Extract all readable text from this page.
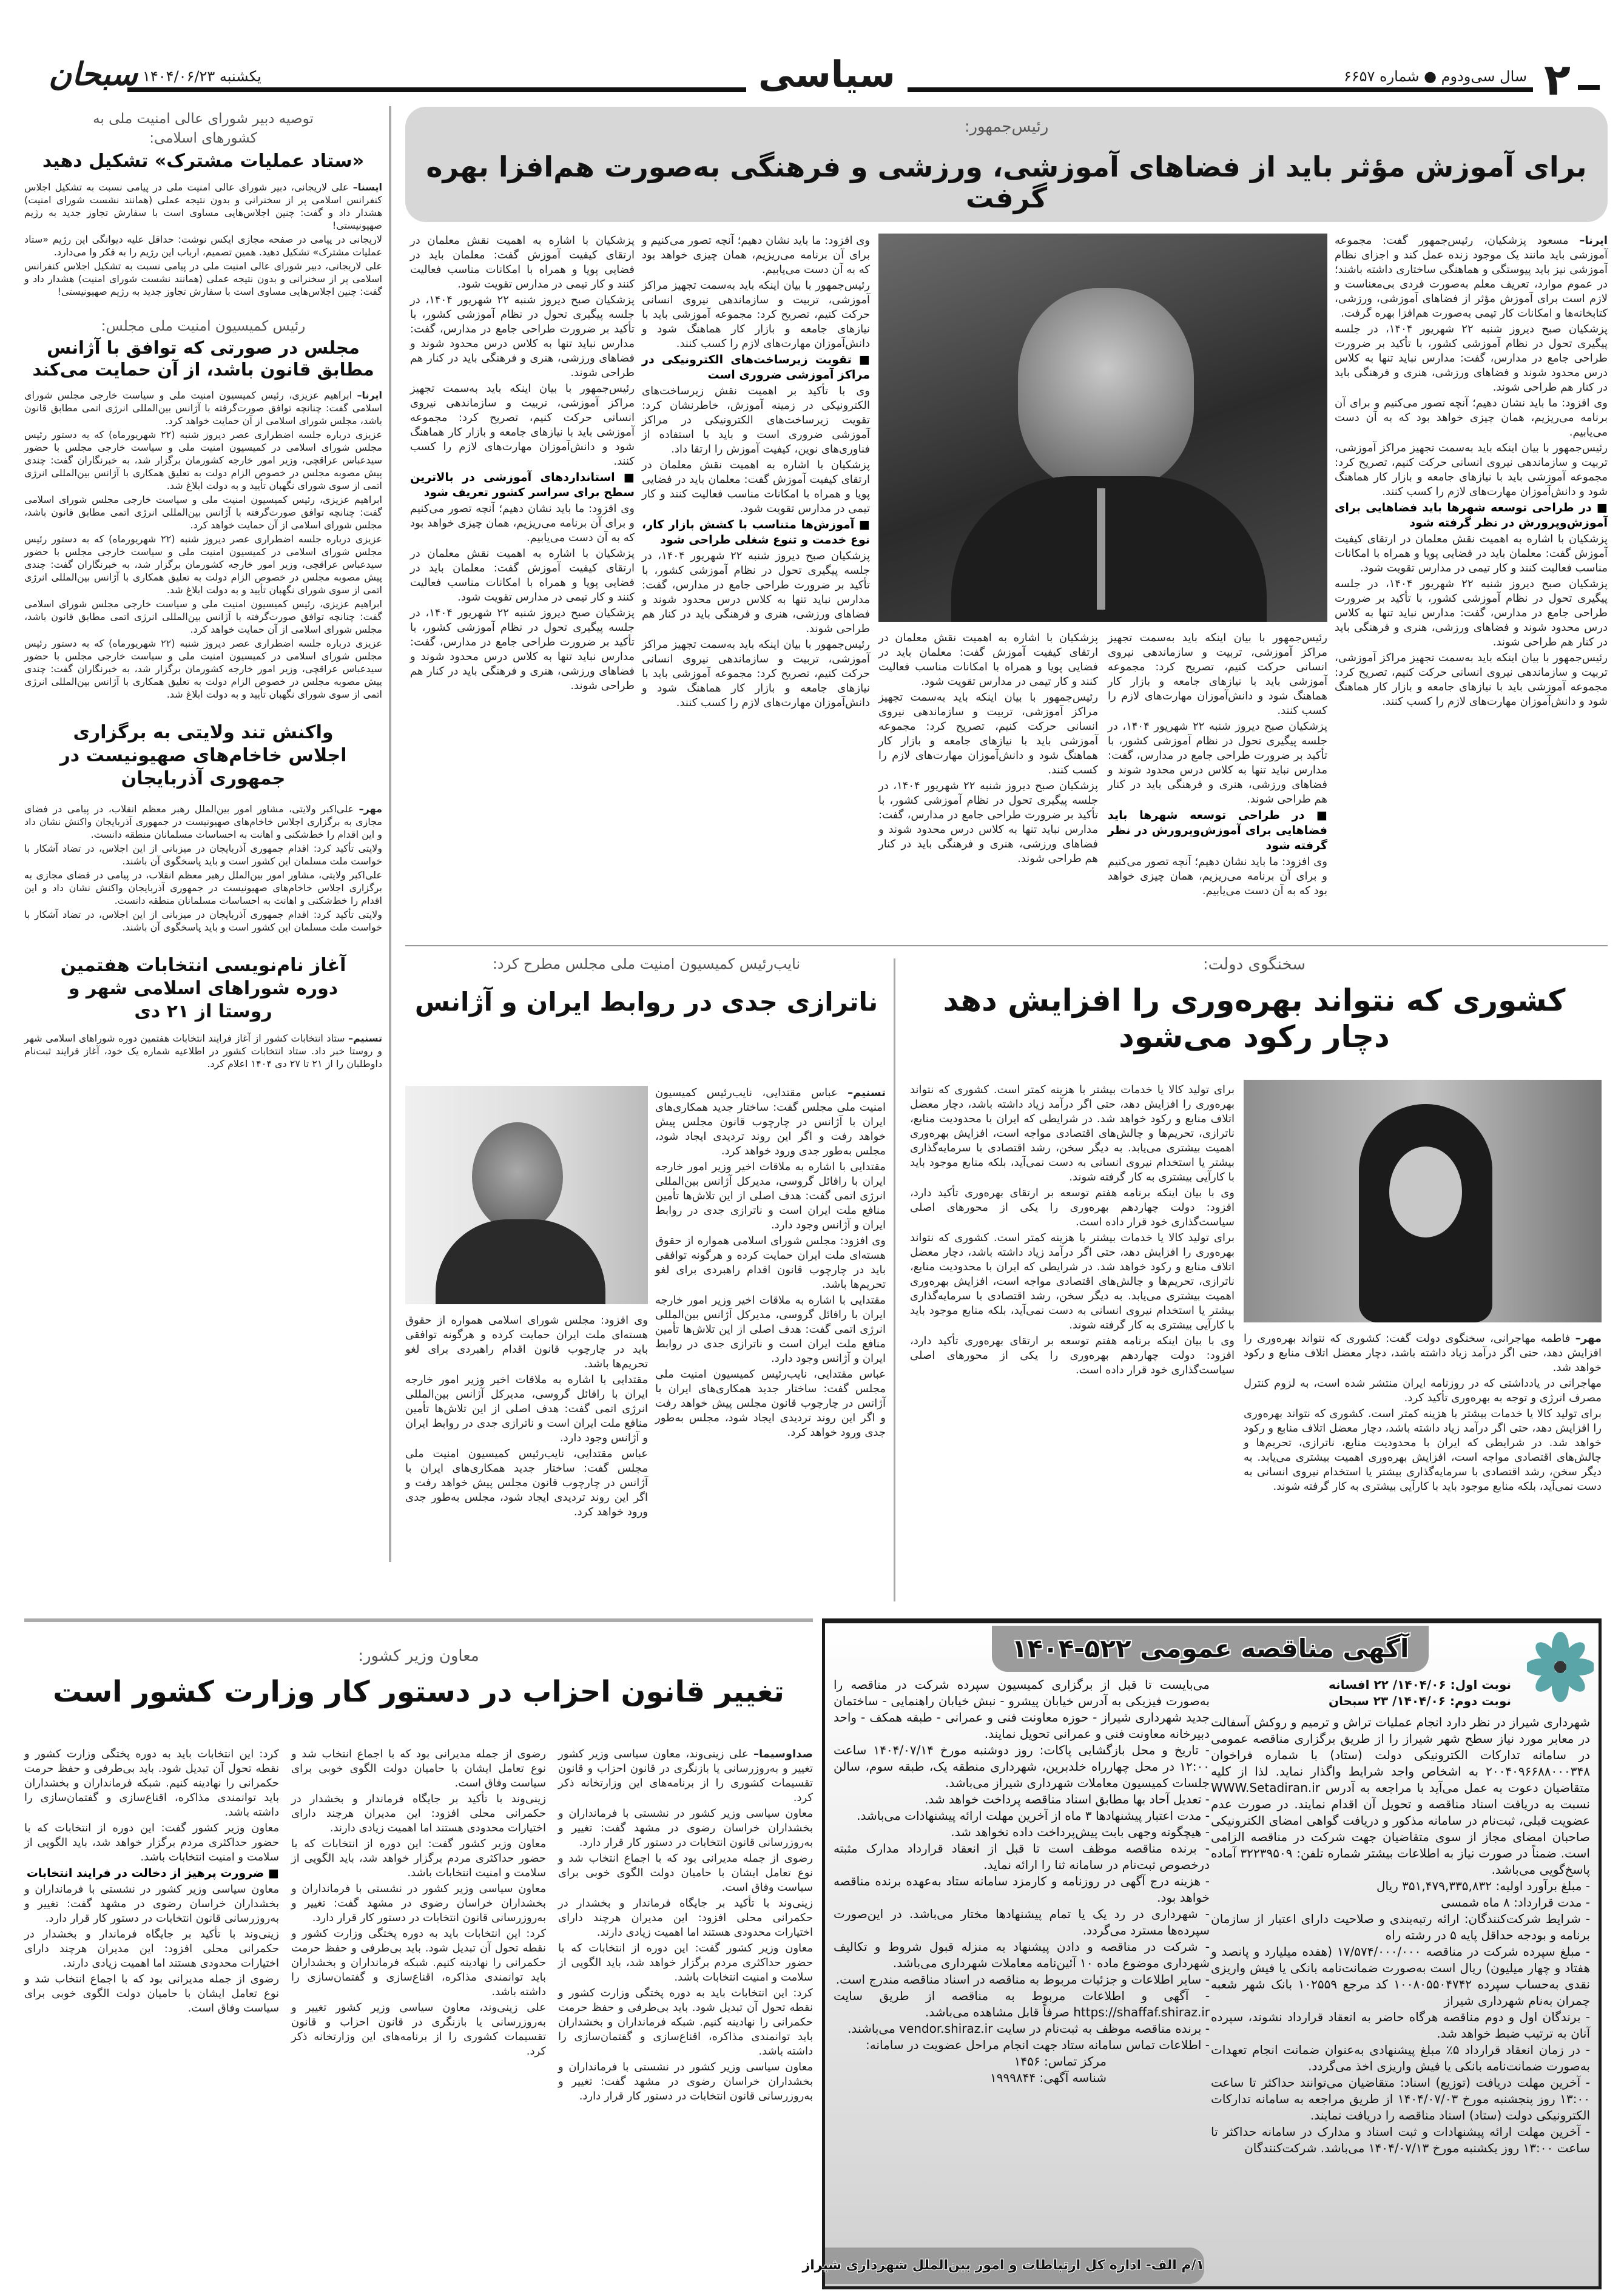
۲
سال سی‌ودوم ● شماره ۶۶۵۷
سیاسی
یکشنبه ۱۴۰۴/۰۶/۲۳
سبحان
توصیه دبیر شورای عالی امنیت ملی به کشورهای اسلامی:
«ستاد عملیات مشترک» تشکیل دهید

ایسنا– علی لاریجانی، دبیر شورای عالی امنیت ملی در پیامی نسبت به تشکیل اجلاس کنفرانس اسلامی پر از سخنرانی و بدون نتیجه عملی (همانند نشست شورای امنیت) هشدار داد و گفت: چنین اجلاس‌هایی مساوی است با سفارش تجاوز جدید به رژیم صهیونیستی!

لاریجانی در پیامی در صفحه مجازی ایکس نوشت: حداقل علیه دیوانگی این رژیم «ستاد عملیات مشترک» تشکیل دهید. همین تصمیم، ارباب این رژیم را به فکر وا می‌دارد.

علی لاریجانی، دبیر شورای عالی امنیت ملی در پیامی نسبت به تشکیل اجلاس کنفرانس اسلامی پر از سخنرانی و بدون نتیجه عملی (همانند نشست شورای امنیت) هشدار داد و گفت: چنین اجلاس‌هایی مساوی است با سفارش تجاوز جدید به رژیم صهیونیستی!

رئیس کمیسیون امنیت ملی مجلس:
مجلس در صورتی که توافق با آژانس مطابق قانون باشد، از آن حمایت می‌کند

ایرنا– ابراهیم عزیزی، رئیس کمیسیون امنیت ملی و سیاست خارجی مجلس شورای اسلامی گفت: چنانچه توافق صورت‌گرفته با آژانس بین‌المللی انرژی اتمی مطابق قانون باشد، مجلس شورای اسلامی از آن حمایت خواهد کرد.

عزیزی درباره جلسه اضطراری عصر دیروز شنبه (۲۲ شهریورماه) که به دستور رئیس مجلس شورای اسلامی در کمیسیون امنیت ملی و سیاست خارجی مجلس با حضور سیدعباس عراقچی، وزیر امور خارجه کشورمان برگزار شد، به خبرنگاران گفت: چندی پیش مصوبه مجلس در خصوص الزام دولت به تعلیق همکاری با آژانس بین‌المللی انرژی اتمی از سوی شورای نگهبان تأیید و به دولت ابلاغ شد.

ابراهیم عزیزی، رئیس کمیسیون امنیت ملی و سیاست خارجی مجلس شورای اسلامی گفت: چنانچه توافق صورت‌گرفته با آژانس بین‌المللی انرژی اتمی مطابق قانون باشد، مجلس شورای اسلامی از آن حمایت خواهد کرد.

عزیزی درباره جلسه اضطراری عصر دیروز شنبه (۲۲ شهریورماه) که به دستور رئیس مجلس شورای اسلامی در کمیسیون امنیت ملی و سیاست خارجی مجلس با حضور سیدعباس عراقچی، وزیر امور خارجه کشورمان برگزار شد، به خبرنگاران گفت: چندی پیش مصوبه مجلس در خصوص الزام دولت به تعلیق همکاری با آژانس بین‌المللی انرژی اتمی از سوی شورای نگهبان تأیید و به دولت ابلاغ شد.

ابراهیم عزیزی، رئیس کمیسیون امنیت ملی و سیاست خارجی مجلس شورای اسلامی گفت: چنانچه توافق صورت‌گرفته با آژانس بین‌المللی انرژی اتمی مطابق قانون باشد، مجلس شورای اسلامی از آن حمایت خواهد کرد.

عزیزی درباره جلسه اضطراری عصر دیروز شنبه (۲۲ شهریورماه) که به دستور رئیس مجلس شورای اسلامی در کمیسیون امنیت ملی و سیاست خارجی مجلس با حضور سیدعباس عراقچی، وزیر امور خارجه کشورمان برگزار شد، به خبرنگاران گفت: چندی پیش مصوبه مجلس در خصوص الزام دولت به تعلیق همکاری با آژانس بین‌المللی انرژی اتمی از سوی شورای نگهبان تأیید و به دولت ابلاغ شد.

واکنش تند ولایتی به برگزاری اجلاس خاخام‌های صهیونیست در جمهوری آذربایجان

مهر– علی‌اکبر ولایتی، مشاور امور بین‌الملل رهبر معظم انقلاب، در پیامی در فضای مجازی به برگزاری اجلاس خاخام‌های صهیونیست در جمهوری آذربایجان واکنش نشان داد و این اقدام را خط‌شکنی و اهانت به احساسات مسلمانان منطقه دانست.

ولایتی تأکید کرد: اقدام جمهوری آذربایجان در میزبانی از این اجلاس، در تضاد آشکار با خواست ملت مسلمان این کشور است و باید پاسخگوی آن باشند.

علی‌اکبر ولایتی، مشاور امور بین‌الملل رهبر معظم انقلاب، در پیامی در فضای مجازی به برگزاری اجلاس خاخام‌های صهیونیست در جمهوری آذربایجان واکنش نشان داد و این اقدام را خط‌شکنی و اهانت به احساسات مسلمانان منطقه دانست.

ولایتی تأکید کرد: اقدام جمهوری آذربایجان در میزبانی از این اجلاس، در تضاد آشکار با خواست ملت مسلمان این کشور است و باید پاسخگوی آن باشند.

آغاز نام‌نویسی انتخابات هفتمین دوره شوراهای اسلامی شهر و روستا از ۲۱ دی

تسنیم– ستاد انتخابات کشور از آغاز فرایند انتخابات هفتمین دوره شوراهای اسلامی شهر و روستا خبر داد. ستاد انتخابات کشور در اطلاعیه شماره یک خود، آغاز فرایند ثبت‌نام داوطلبان را از ۲۱ تا ۲۷ دی ۱۴۰۴ اعلام کرد.

رئیس‌جمهور:
برای آموزش مؤثر باید از فضاهای آموزشی، ورزشی و فرهنگی به‌صورت هم‌افزا بهره گرفت

ایرنا– مسعود پزشکیان، رئیس‌جمهور گفت: مجموعه آموزشی باید مانند یک موجود زنده عمل کند و اجزای نظام آموزشی نیز باید پیوستگی و هماهنگی ساختاری داشته باشند؛ در عموم موارد، تعریف معلم به‌صورت فردی بی‌معناست و لازم است برای آموزش مؤثر از فضاهای آموزشی، ورزشی، کتابخانه‌ها و امکانات کار تیمی به‌صورت هم‌افزا بهره گرفت.

پزشکیان صبح دیروز شنبه ۲۲ شهریور ۱۴۰۴، در جلسه پیگیری تحول در نظام آموزشی کشور، با تأکید بر ضرورت طراحی جامع در مدارس، گفت: مدارس نباید تنها به کلاس درس محدود شوند و فضاهای ورزشی، هنری و فرهنگی باید در کنار هم طراحی شوند.

وی افزود: ما باید نشان دهیم؛ آنچه تصور می‌کنیم و برای آن برنامه می‌ریزیم، همان چیزی خواهد بود که به آن دست می‌یابیم.

رئیس‌جمهور با بیان اینکه باید به‌سمت تجهیز مراکز آموزشی، تربیت و سازماندهی نیروی انسانی حرکت کنیم، تصریح کرد: مجموعه آموزشی باید با نیازهای جامعه و بازار کار هماهنگ شود و دانش‌آموزان مهارت‌های لازم را کسب کنند.

■ در طراحی توسعه شهرها باید فضاهایی برای آموزش‌وپرورش در نظر گرفته شود

پزشکیان با اشاره به اهمیت نقش معلمان در ارتقای کیفیت آموزش گفت: معلمان باید در فضایی پویا و همراه با امکانات مناسب فعالیت کنند و کار تیمی در مدارس تقویت شود.

پزشکیان صبح دیروز شنبه ۲۲ شهریور ۱۴۰۴، در جلسه پیگیری تحول در نظام آموزشی کشور، با تأکید بر ضرورت طراحی جامع در مدارس، گفت: مدارس نباید تنها به کلاس درس محدود شوند و فضاهای ورزشی، هنری و فرهنگی باید در کنار هم طراحی شوند.

رئیس‌جمهور با بیان اینکه باید به‌سمت تجهیز مراکز آموزشی، تربیت و سازماندهی نیروی انسانی حرکت کنیم، تصریح کرد: مجموعه آموزشی باید با نیازهای جامعه و بازار کار هماهنگ شود و دانش‌آموزان مهارت‌های لازم را کسب کنند.

رئیس‌جمهور با بیان اینکه باید به‌سمت تجهیز مراکز آموزشی، تربیت و سازماندهی نیروی انسانی حرکت کنیم، تصریح کرد: مجموعه آموزشی باید با نیازهای جامعه و بازار کار هماهنگ شود و دانش‌آموزان مهارت‌های لازم را کسب کنند.

پزشکیان صبح دیروز شنبه ۲۲ شهریور ۱۴۰۴، در جلسه پیگیری تحول در نظام آموزشی کشور، با تأکید بر ضرورت طراحی جامع در مدارس، گفت: مدارس نباید تنها به کلاس درس محدود شوند و فضاهای ورزشی، هنری و فرهنگی باید در کنار هم طراحی شوند.

■ در طراحی توسعه شهرها باید فضاهایی برای آموزش‌وپرورش در نظر گرفته شود

وی افزود: ما باید نشان دهیم؛ آنچه تصور می‌کنیم و برای آن برنامه می‌ریزیم، همان چیزی خواهد بود که به آن دست می‌یابیم.

پزشکیان با اشاره به اهمیت نقش معلمان در ارتقای کیفیت آموزش گفت: معلمان باید در فضایی پویا و همراه با امکانات مناسب فعالیت کنند و کار تیمی در مدارس تقویت شود.

رئیس‌جمهور با بیان اینکه باید به‌سمت تجهیز مراکز آموزشی، تربیت و سازماندهی نیروی انسانی حرکت کنیم، تصریح کرد: مجموعه آموزشی باید با نیازهای جامعه و بازار کار هماهنگ شود و دانش‌آموزان مهارت‌های لازم را کسب کنند.

پزشکیان صبح دیروز شنبه ۲۲ شهریور ۱۴۰۴، در جلسه پیگیری تحول در نظام آموزشی کشور، با تأکید بر ضرورت طراحی جامع در مدارس، گفت: مدارس نباید تنها به کلاس درس محدود شوند و فضاهای ورزشی، هنری و فرهنگی باید در کنار هم طراحی شوند.

وی افزود: ما باید نشان دهیم؛ آنچه تصور می‌کنیم و برای آن برنامه می‌ریزیم، همان چیزی خواهد بود که به آن دست می‌یابیم.

رئیس‌جمهور با بیان اینکه باید به‌سمت تجهیز مراکز آموزشی، تربیت و سازماندهی نیروی انسانی حرکت کنیم، تصریح کرد: مجموعه آموزشی باید با نیازهای جامعه و بازار کار هماهنگ شود و دانش‌آموزان مهارت‌های لازم را کسب کنند.

■ تقویت زیرساخت‌های الکترونیکی در مراکز آموزشی ضروری است

وی با تأکید بر اهمیت نقش زیرساخت‌های الکترونیکی در زمینه آموزش، خاطرنشان کرد: تقویت زیرساخت‌های الکترونیکی در مراکز آموزشی ضروری است و باید با استفاده از فناوری‌های نوین، کیفیت آموزش را ارتقا داد.

پزشکیان با اشاره به اهمیت نقش معلمان در ارتقای کیفیت آموزش گفت: معلمان باید در فضایی پویا و همراه با امکانات مناسب فعالیت کنند و کار تیمی در مدارس تقویت شود.

■ آموزش‌ها متناسب با کشش بازار کار، نوع خدمت و تنوع شغلی طراحی شود

پزشکیان صبح دیروز شنبه ۲۲ شهریور ۱۴۰۴، در جلسه پیگیری تحول در نظام آموزشی کشور، با تأکید بر ضرورت طراحی جامع در مدارس، گفت: مدارس نباید تنها به کلاس درس محدود شوند و فضاهای ورزشی، هنری و فرهنگی باید در کنار هم طراحی شوند.

رئیس‌جمهور با بیان اینکه باید به‌سمت تجهیز مراکز آموزشی، تربیت و سازماندهی نیروی انسانی حرکت کنیم، تصریح کرد: مجموعه آموزشی باید با نیازهای جامعه و بازار کار هماهنگ شود و دانش‌آموزان مهارت‌های لازم را کسب کنند.

پزشکیان با اشاره به اهمیت نقش معلمان در ارتقای کیفیت آموزش گفت: معلمان باید در فضایی پویا و همراه با امکانات مناسب فعالیت کنند و کار تیمی در مدارس تقویت شود.

پزشکیان صبح دیروز شنبه ۲۲ شهریور ۱۴۰۴، در جلسه پیگیری تحول در نظام آموزشی کشور، با تأکید بر ضرورت طراحی جامع در مدارس، گفت: مدارس نباید تنها به کلاس درس محدود شوند و فضاهای ورزشی، هنری و فرهنگی باید در کنار هم طراحی شوند.

رئیس‌جمهور با بیان اینکه باید به‌سمت تجهیز مراکز آموزشی، تربیت و سازماندهی نیروی انسانی حرکت کنیم، تصریح کرد: مجموعه آموزشی باید با نیازهای جامعه و بازار کار هماهنگ شود و دانش‌آموزان مهارت‌های لازم را کسب کنند.

■ استانداردهای آموزشی در بالاترین سطح برای سراسر کشور تعریف شود

وی افزود: ما باید نشان دهیم؛ آنچه تصور می‌کنیم و برای آن برنامه می‌ریزیم، همان چیزی خواهد بود که به آن دست می‌یابیم.

پزشکیان با اشاره به اهمیت نقش معلمان در ارتقای کیفیت آموزش گفت: معلمان باید در فضایی پویا و همراه با امکانات مناسب فعالیت کنند و کار تیمی در مدارس تقویت شود.

پزشکیان صبح دیروز شنبه ۲۲ شهریور ۱۴۰۴، در جلسه پیگیری تحول در نظام آموزشی کشور، با تأکید بر ضرورت طراحی جامع در مدارس، گفت: مدارس نباید تنها به کلاس درس محدود شوند و فضاهای ورزشی، هنری و فرهنگی باید در کنار هم طراحی شوند.

سخنگوی دولت:
کشوری که نتواند بهره‌وری را افزایش دهد
دچار رکود می‌شود

برای تولید کالا یا خدمات بیشتر با هزینه کمتر است. کشوری که نتواند بهره‌وری را افزایش دهد، حتی اگر درآمد زیاد داشته باشد، دچار معضل اتلاف منابع و رکود خواهد شد. در شرایطی که ایران با محدودیت منابع، ناترازی، تحریم‌ها و چالش‌های اقتصادی مواجه است، افزایش بهره‌وری اهمیت بیشتری می‌یابد. به دیگر سخن، رشد اقتصادی با سرمایه‌گذاری بیشتر یا استخدام نیروی انسانی به دست نمی‌آید، بلکه منابع موجود باید با کارآیی بیشتری به کار گرفته شوند.

وی با بیان اینکه برنامه هفتم توسعه بر ارتقای بهره‌وری تأکید دارد، افزود: دولت چهاردهم بهره‌وری را یکی از محورهای اصلی سیاست‌گذاری خود قرار داده است.

برای تولید کالا یا خدمات بیشتر با هزینه کمتر است. کشوری که نتواند بهره‌وری را افزایش دهد، حتی اگر درآمد زیاد داشته باشد، دچار معضل اتلاف منابع و رکود خواهد شد. در شرایطی که ایران با محدودیت منابع، ناترازی، تحریم‌ها و چالش‌های اقتصادی مواجه است، افزایش بهره‌وری اهمیت بیشتری می‌یابد. به دیگر سخن، رشد اقتصادی با سرمایه‌گذاری بیشتر یا استخدام نیروی انسانی به دست نمی‌آید، بلکه منابع موجود باید با کارآیی بیشتری به کار گرفته شوند.

وی با بیان اینکه برنامه هفتم توسعه بر ارتقای بهره‌وری تأکید دارد، افزود: دولت چهاردهم بهره‌وری را یکی از محورهای اصلی سیاست‌گذاری خود قرار داده است.

مهر– فاطمه مهاجرانی، سخنگوی دولت گفت: کشوری که نتواند بهره‌وری را افزایش دهد، حتی اگر درآمد زیاد داشته باشد، دچار معضل اتلاف منابع و رکود خواهد شد.

مهاجرانی در یادداشتی که در روزنامه ایران منتشر شده است، به لزوم کنترل مصرف انرژی و توجه به بهره‌وری تأکید کرد.

برای تولید کالا یا خدمات بیشتر با هزینه کمتر است. کشوری که نتواند بهره‌وری را افزایش دهد، حتی اگر درآمد زیاد داشته باشد، دچار معضل اتلاف منابع و رکود خواهد شد. در شرایطی که ایران با محدودیت منابع، ناترازی، تحریم‌ها و چالش‌های اقتصادی مواجه است، افزایش بهره‌وری اهمیت بیشتری می‌یابد. به دیگر سخن، رشد اقتصادی با سرمایه‌گذاری بیشتر یا استخدام نیروی انسانی به دست نمی‌آید، بلکه منابع موجود باید با کارآیی بیشتری به کار گرفته شوند.

نایب‌رئیس کمیسیون امنیت ملی مجلس مطرح کرد:
ناترازی جدی در روابط ایران و آژانس

تسنیم– عباس مقتدایی، نایب‌رئیس کمیسیون امنیت ملی مجلس گفت: ساختار جدید همکاری‌های ایران با آژانس در چارچوب قانون مجلس پیش خواهد رفت و اگر این روند تردیدی ایجاد شود، مجلس به‌طور جدی ورود خواهد کرد.

مقتدایی با اشاره به ملاقات اخیر وزیر امور خارجه ایران با رافائل گروسی، مدیرکل آژانس بین‌المللی انرژی اتمی گفت: هدف اصلی از این تلاش‌ها تأمین منافع ملت ایران است و ناترازی جدی در روابط ایران و آژانس وجود دارد.

وی افزود: مجلس شورای اسلامی همواره از حقوق هسته‌ای ملت ایران حمایت کرده و هرگونه توافقی باید در چارچوب قانون اقدام راهبردی برای لغو تحریم‌ها باشد.

مقتدایی با اشاره به ملاقات اخیر وزیر امور خارجه ایران با رافائل گروسی، مدیرکل آژانس بین‌المللی انرژی اتمی گفت: هدف اصلی از این تلاش‌ها تأمین منافع ملت ایران است و ناترازی جدی در روابط ایران و آژانس وجود دارد.

عباس مقتدایی، نایب‌رئیس کمیسیون امنیت ملی مجلس گفت: ساختار جدید همکاری‌های ایران با آژانس در چارچوب قانون مجلس پیش خواهد رفت و اگر این روند تردیدی ایجاد شود، مجلس به‌طور جدی ورود خواهد کرد.

وی افزود: مجلس شورای اسلامی همواره از حقوق هسته‌ای ملت ایران حمایت کرده و هرگونه توافقی باید در چارچوب قانون اقدام راهبردی برای لغو تحریم‌ها باشد.

مقتدایی با اشاره به ملاقات اخیر وزیر امور خارجه ایران با رافائل گروسی، مدیرکل آژانس بین‌المللی انرژی اتمی گفت: هدف اصلی از این تلاش‌ها تأمین منافع ملت ایران است و ناترازی جدی در روابط ایران و آژانس وجود دارد.

عباس مقتدایی، نایب‌رئیس کمیسیون امنیت ملی مجلس گفت: ساختار جدید همکاری‌های ایران با آژانس در چارچوب قانون مجلس پیش خواهد رفت و اگر این روند تردیدی ایجاد شود، مجلس به‌طور جدی ورود خواهد کرد.

معاون وزیر کشور:
تغییر قانون احزاب در دستور کار وزارت کشور است

صداوسیما– علی زینی‌وند، معاون سیاسی وزیر کشور تغییر و به‌روزرسانی یا بازنگری در قانون احزاب و قانون تقسیمات کشوری را از برنامه‌های این وزارتخانه ذکر کرد.

معاون سیاسی وزیر کشور در نشستی با فرمانداران و بخشداران خراسان رضوی در مشهد گفت: تغییر و به‌روزرسانی قانون انتخابات در دستور کار قرار دارد.

رضوی از جمله مدیرانی بود که با اجماع انتخاب شد و نوع تعامل ایشان با حامیان دولت الگوی خوبی برای سیاست وفاق است.

زینی‌وند با تأکید بر جایگاه فرماندار و بخشدار در حکمرانی محلی افزود: این مدیران هرچند دارای اختیارات محدودی هستند اما اهمیت زیادی دارند.

معاون وزیر کشور گفت: این دوره از انتخابات که با حضور حداکثری مردم برگزار خواهد شد، باید الگویی از سلامت و امنیت انتخابات باشد.

کرد: این انتخابات باید به دوره پختگی وزارت کشور و نقطه تحول آن تبدیل شود. باید بی‌طرفی و حفظ حرمت حکمرانی را نهادینه کنیم. شبکه فرمانداران و بخشداران باید توانمندی مذاکره، اقناع‌سازی و گفتمان‌سازی را داشته باشد.

معاون سیاسی وزیر کشور در نشستی با فرمانداران و بخشداران خراسان رضوی در مشهد گفت: تغییر و به‌روزرسانی قانون انتخابات در دستور کار قرار دارد.

رضوی از جمله مدیرانی بود که با اجماع انتخاب شد و نوع تعامل ایشان با حامیان دولت الگوی خوبی برای سیاست وفاق است.

زینی‌وند با تأکید بر جایگاه فرماندار و بخشدار در حکمرانی محلی افزود: این مدیران هرچند دارای اختیارات محدودی هستند اما اهمیت زیادی دارند.

معاون وزیر کشور گفت: این دوره از انتخابات که با حضور حداکثری مردم برگزار خواهد شد، باید الگویی از سلامت و امنیت انتخابات باشد.

معاون سیاسی وزیر کشور در نشستی با فرمانداران و بخشداران خراسان رضوی در مشهد گفت: تغییر و به‌روزرسانی قانون انتخابات در دستور کار قرار دارد.

کرد: این انتخابات باید به دوره پختگی وزارت کشور و نقطه تحول آن تبدیل شود. باید بی‌طرفی و حفظ حرمت حکمرانی را نهادینه کنیم. شبکه فرمانداران و بخشداران باید توانمندی مذاکره، اقناع‌سازی و گفتمان‌سازی را داشته باشد.

علی زینی‌وند، معاون سیاسی وزیر کشور تغییر و به‌روزرسانی یا بازنگری در قانون احزاب و قانون تقسیمات کشوری را از برنامه‌های این وزارتخانه ذکر کرد.

کرد: این انتخابات باید به دوره پختگی وزارت کشور و نقطه تحول آن تبدیل شود. باید بی‌طرفی و حفظ حرمت حکمرانی را نهادینه کنیم. شبکه فرمانداران و بخشداران باید توانمندی مذاکره، اقناع‌سازی و گفتمان‌سازی را داشته باشد.

معاون وزیر کشور گفت: این دوره از انتخابات که با حضور حداکثری مردم برگزار خواهد شد، باید الگویی از سلامت و امنیت انتخابات باشد.

■ ضرورت پرهیز از دخالت در فرایند انتخابات

معاون سیاسی وزیر کشور در نشستی با فرمانداران و بخشداران خراسان رضوی در مشهد گفت: تغییر و به‌روزرسانی قانون انتخابات در دستور کار قرار دارد.

زینی‌وند با تأکید بر جایگاه فرماندار و بخشدار در حکمرانی محلی افزود: این مدیران هرچند دارای اختیارات محدودی هستند اما اهمیت زیادی دارند.

رضوی از جمله مدیرانی بود که با اجماع انتخاب شد و نوع تعامل ایشان با حامیان دولت الگوی خوبی برای سیاست وفاق است.

آگهی مناقصه عمومی ۵۲۲-۱۴۰۴

نوبت اول: ۱۴۰۴/۰۶/ ۲۲ افسانه

نوبت دوم: ۱۴۰۴/۰۶/ ۲۳ سبحان

شهرداری شیراز در نظر دارد انجام عملیات تراش و ترمیم و روکش آسفالت در معابر مورد نیاز سطح شهر شیراز را از طریق برگزاری مناقصه عمومی در سامانه تدارکات الکترونیکی دولت (ستاد) با شماره فراخوان ۲۰۰۴۰۹۶۶۸۸۰۰۰۳۴۸ به اشخاص واجد شرایط واگذار نماید. لذا از کلیه متقاضیان دعوت به عمل می‌آید با مراجعه به آدرس WWW.Setadiran.ir نسبت به دریافت اسناد مناقصه و تحویل آن اقدام نمایند. در صورت عدم عضویت قبلی، ثبت‌نام در سامانه مذکور و دریافت گواهی امضای الکترونیکی صاحبان امضای مجاز از سوی متقاضیان جهت شرکت در مناقصه الزامی است. ضمناً در صورت نیاز به اطلاعات بیشتر شماره تلفن: ۳۲۲۳۹۵۰۹ آماده پاسخ‌گویی می‌باشد.

- مبلغ برآورد اولیه: ۳۵۱,۴۷۹,۳۳۵,۸۳۲ ریال

- مدت قرارداد: ۸ ماه شمسی

- شرایط شرکت‌کنندگان: ارائه رتبه‌بندی و صلاحیت دارای اعتبار از سازمان برنامه و بودجه حداقل پایه ۵ در رشته راه

- مبلغ سپرده شرکت در مناقصه ۱۷/۵۷۴/۰۰۰/۰۰۰ (هفده میلیارد و پانصد و هفتاد و چهار میلیون) ریال است به‌صورت ضمانت‌نامه بانکی یا فیش واریزی نقدی به‌حساب سپرده ۱۰۰۸۰۵۵۰۴۷۴۲ کد مرجع ۱۰۲۵۵۹ بانک شهر شعبه چمران به‌نام شهرداری شیراز

- برندگان اول و دوم مناقصه هرگاه حاضر به انعقاد قرارداد نشوند، سپرده آنان به ترتیب ضبط خواهد شد.

- در زمان انعقاد قرارداد ۵٪ مبلغ پیشنهادی به‌عنوان ضمانت انجام تعهدات به‌صورت ضمانت‌نامه بانکی یا فیش واریزی اخذ می‌گردد.

- آخرین مهلت دریافت (توزیع) اسناد: متقاضیان می‌توانند حداکثر تا ساعت ۱۳:۰۰ روز پنجشنبه مورخ ۱۴۰۴/۰۷/۰۳ از طریق مراجعه به سامانه تدارکات الکترونیکی دولت (ستاد) اسناد مناقصه را دریافت نمایند.

- آخرین مهلت ارائه پیشنهادات و ثبت اسناد و مدارک در سامانه حداکثر تا ساعت ۱۳:۰۰ روز یکشنبه مورخ ۱۴۰۴/۰۷/۱۳ می‌باشد. شرکت‌کنندگان

می‌بایست تا قبل از برگزاری کمیسیون سپرده شرکت در مناقصه را به‌صورت فیزیکی به آدرس خیابان پیشرو - نبش خیابان راهنمایی - ساختمان جدید شهرداری شیراز - حوزه معاونت فنی و عمرانی - طبقه همکف - واحد دبیرخانه معاونت فنی و عمرانی تحویل نمایند.

- تاریخ و محل بازگشایی پاکات: روز دوشنبه مورخ ۱۴۰۴/۰۷/۱۴ ساعت ۱۲:۰۰ در محل چهارراه خلدبرین، شهرداری منطقه یک، طبقه سوم، سالن جلسات کمیسیون معاملات شهرداری شیراز می‌باشد.

- تعدیل آحاد بها مطابق اسناد مناقصه پرداخت خواهد شد.

- مدت اعتبار پیشنهادها ۳ ماه از آخرین مهلت ارائه پیشنهادات می‌باشد.

- هیچگونه وجهی بابت پیش‌پرداخت داده نخواهد شد.

- برنده مناقصه موظف است تا قبل از انعقاد قرارداد مدارک مثبته درخصوص ثبت‌نام در سامانه ثنا را ارائه نماید.

- هزینه درج آگهی در روزنامه و کارمزد سامانه ستاد به‌عهده برنده مناقصه خواهد بود.

- شهرداری در رد یک یا تمام پیشنهادها مختار می‌باشد. در این‌صورت سپرده‌ها مسترد می‌گردد.

- شرکت در مناقصه و دادن پیشنهاد به منزله قبول شروط و تکالیف شهرداری موضوع ماده ۱۰ آئین‌نامه معاملات شهرداری می‌باشد.

- سایر اطلاعات و جزئیات مربوط به مناقصه در اسناد مناقصه مندرج است.

- آگهی و اطلاعات مربوط به مناقصه از طریق سایت https://shaffaf.shiraz.ir صرفاً قابل مشاهده می‌باشد.

- برنده مناقصه موظف به ثبت‌نام در سایت vendor.shiraz.ir می‌باشند.

- اطلاعات تماس سامانه ستاد جهت انجام مراحل عضویت در سامانه:

مرکز تماس: ۱۴۵۶

شناسه آگهی: ۱۹۹۹۸۴۴

۱/م الف- اداره کل ارتباطات و امور بین‌الملل شهرداری شیراز
